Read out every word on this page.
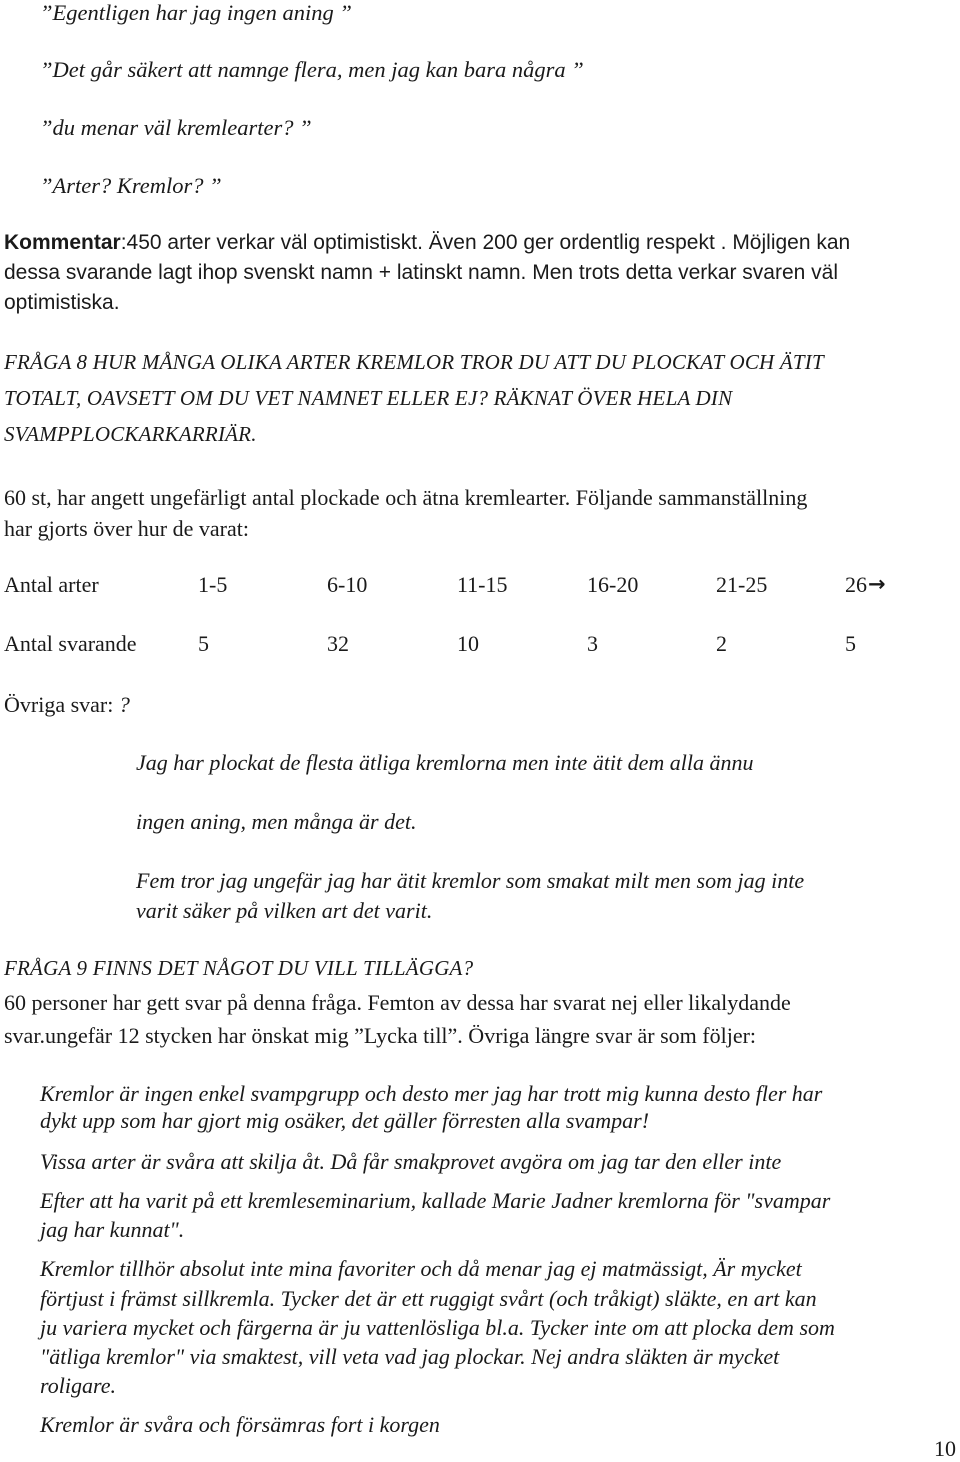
”Egentligen har jag ingen aning ”
”Det går säkert att namnge flera, men jag kan bara några ”
”du menar väl kremlearter? ”
”Arter? Kremlor? ”
Kommentar:450 arter verkar väl optimistiskt. Även 200 ger ordentlig respekt . Möjligen kan
dessa svarande lagt ihop svenskt namn + latinskt namn. Men trots detta verkar svaren väl
optimistiska.
FRÅGA 8 HUR MÅNGA OLIKA ARTER KREMLOR TROR DU ATT DU PLOCKAT OCH ÄTIT
TOTALT, OAVSETT OM DU VET NAMNET ELLER EJ? RÄKNAT ÖVER HELA DIN
SVAMPPLOCKARKARRIÄR.
60 st, har angett ungefärligt antal plockade och ätna kremlearter. Följande sammanställning
har gjorts över hur de varat:
Antal arter	1-5	6-10	11-15	16-20	21-25	26 →
Antal svarande	5	32	10	3	2	5
Övriga svar: ?
Jag har plockat de flesta ätliga kremlorna men inte ätit dem alla ännu
ingen aning, men många är det.
Fem tror jag ungefär jag har ätit kremlor som smakat milt men som jag inte
varit säker på vilken art det varit.
FRÅGA 9 FINNS DET NÅGOT DU VILL TILLÄGGA?
60 personer har gett svar på denna fråga. Femton av dessa har svarat nej eller likalydande
svar.ungefär 12 stycken har önskat mig ”Lycka till”. Övriga längre svar är som följer:
Kremlor är ingen enkel svampgrupp och desto mer jag har trott mig kunna desto fler har
dykt upp som har gjort mig osäker, det gäller förresten alla svampar!
Vissa arter är svåra att skilja åt. Då får smakprovet avgöra om jag tar den eller inte
Efter att ha varit på ett kremleseminarium, kallade Marie Jadner kremlorna för "svampar
jag har kunnat".
Kremlor tillhör absolut inte mina favoriter och då menar jag ej matmässigt, Är mycket
förtjust i främst sillkremla. Tycker det är ett ruggigt svårt (och tråkigt) släkte, en art kan
ju variera mycket och färgerna är ju vattenlösliga bl.a. Tycker inte om att plocka dem som
"ätliga kremlor" via smaktest, vill veta vad jag plockar. Nej andra släkten är mycket
roligare.
Kremlor är svåra och försämras fort i korgen
10
